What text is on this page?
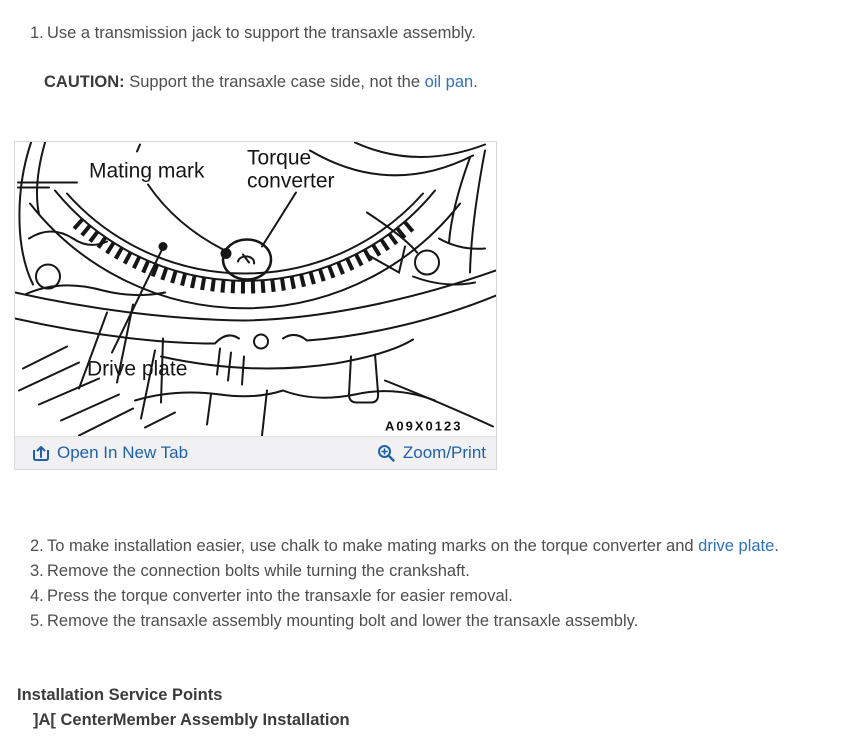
1. Use a transmission jack to support the transaxle assembly.
CAUTION: Support the transaxle case side, not the oil pan.
Mating mark
Torque
converter
Drive plate
A09X0123
Open In New Tab	Zoom/Print
2. To make installation easier, use chalk to make mating marks on the torque converter and drive plate.
3. Remove the connection bolts while turning the crankshaft.
4. Press the torque converter into the transaxle for easier removal.
5. Remove the transaxle assembly mounting bolt and lower the transaxle assembly.
Installation Service Points
]A[ CenterMember Assembly Installation
